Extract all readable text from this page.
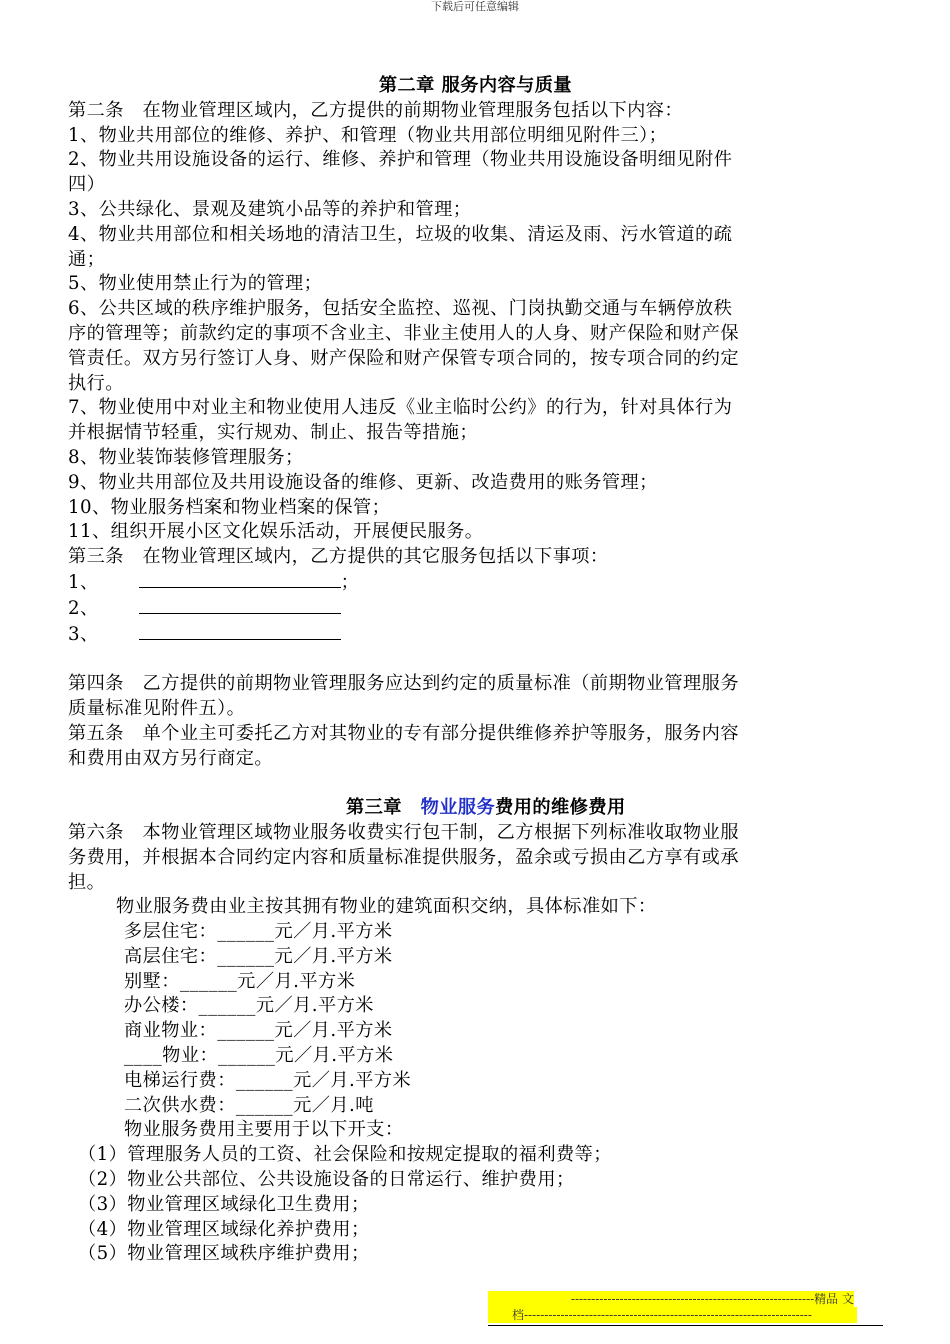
下载后可任意编辑
第二章 服务内容与质量
第二条　在物业管理区域内，乙方提供的前期物业管理服务包括以下内容：
1、物业共用部位的维修、养护、和管理（物业共用部位明细见附件三）；
2、物业共用设施设备的运行、维修、养护和管理（物业共用设施设备明细见附件
四）
3、公共绿化、景观及建筑小品等的养护和管理；
4、物业共用部位和相关场地的清洁卫生，垃圾的收集、清运及雨、污水管道的疏
通；
5、物业使用禁止行为的管理；
6、公共区域的秩序维护服务，包括安全监控、巡视、门岗执勤交通与车辆停放秩
序的管理等；前款约定的事项不含业主、非业主使用人的人身、财产保险和财产保
管责任。双方另行签订人身、财产保险和财产保管专项合同的，按专项合同的约定
执行。
7、物业使用中对业主和物业使用人违反《业主临时公约》的行为，针对具体行为
并根据情节轻重，实行规劝、制止、报告等措施；
8、物业装饰装修管理服务；
9、物业共用部位及共用设施设备的维修、更新、改造费用的账务管理；
10、物业服务档案和物业档案的保管；
11、组织开展小区文化娱乐活动，开展便民服务。
第三条　在物业管理区域内，乙方提供的其它服务包括以下事项：
1、	；
2、
3、
第四条　乙方提供的前期物业管理服务应达到约定的质量标准（前期物业管理服务
质量标准见附件五）。
第五条　单个业主可委托乙方对其物业的专有部分提供维修养护等服务，服务内容
和费用由双方另行商定。
第三章　物业服务费用的维修费用
第六条　本物业管理区域物业服务收费实行包干制，乙方根据下列标准收取物业服
务费用，并根据本合同约定内容和质量标准提供服务，盈余或亏损由乙方享有或承
担。
物业服务费由业主按其拥有物业的建筑面积交纳，具体标准如下：
多层住宅：______元／月.平方米
高层住宅：______元／月.平方米
别墅：______元／月.平方米
办公楼：______元／月.平方米
商业物业：______元／月.平方米
____物业：______元／月.平方米
电梯运行费：______元／月.平方米
二次供水费：______元／月.吨
物业服务费用主要用于以下开支：
（1）管理服务人员的工资、社会保险和按规定提取的福利费等；
（2）物业公共部位、公共设施设备的日常运行、维护费用；
（3）物业管理区域绿化卫生费用；
（4）物业管理区域绿化养护费用；
（5）物业管理区域秩序维护费用；
------------------------------------------------------------精品 文
档-----------------------------------------------------------------------
